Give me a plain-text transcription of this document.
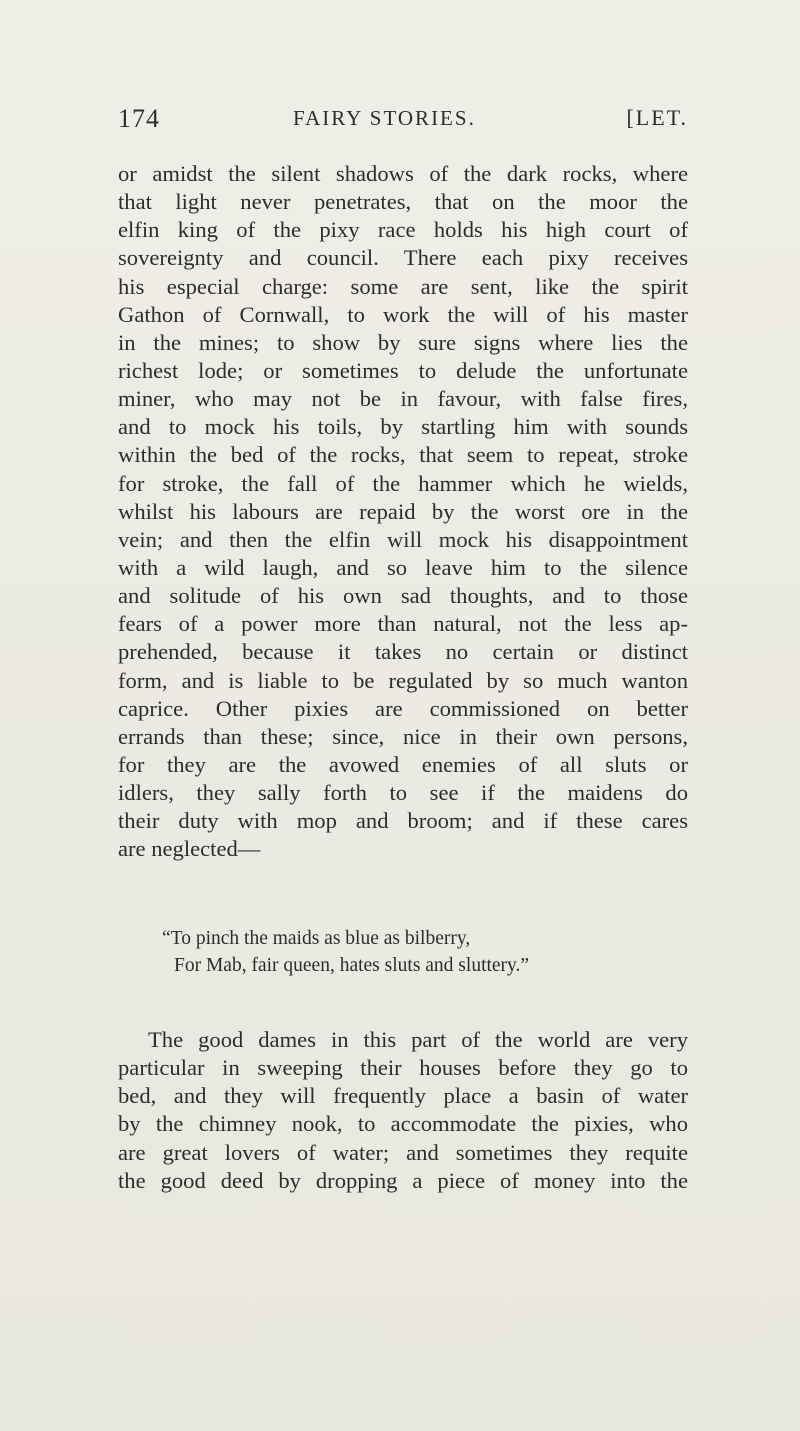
174	FAIRY STORIES.	[LET.
or amidst the silent shadows of the dark rocks, where
that light never penetrates, that on the moor the
elfin king of the pixy race holds his high court of
sovereignty and council. There each pixy receives
his especial charge: some are sent, like the spirit
Gathon of Cornwall, to work the will of his master
in the mines; to show by sure signs where lies the
richest lode; or sometimes to delude the unfortunate
miner, who may not be in favour, with false fires,
and to mock his toils, by startling him with sounds
within the bed of the rocks, that seem to repeat, stroke
for stroke, the fall of the hammer which he wields,
whilst his labours are repaid by the worst ore in the
vein; and then the elfin will mock his disappointment
with a wild laugh, and so leave him to the silence
and solitude of his own sad thoughts, and to those
fears of a power more than natural, not the less ap-
prehended, because it takes no certain or distinct
form, and is liable to be regulated by so much wanton
caprice. Other pixies are commissioned on better
errands than these; since, nice in their own persons,
for they are the avowed enemies of all sluts or
idlers, they sally forth to see if the maidens do
their duty with mop and broom; and if these cares
are neglected—
“To pinch the maids as blue as bilberry,
For Mab, fair queen, hates sluts and sluttery.”
The good dames in this part of the world are very
particular in sweeping their houses before they go to
bed, and they will frequently place a basin of water
by the chimney nook, to accommodate the pixies, who
are great lovers of water; and sometimes they requite
the good deed by dropping a piece of money into the
